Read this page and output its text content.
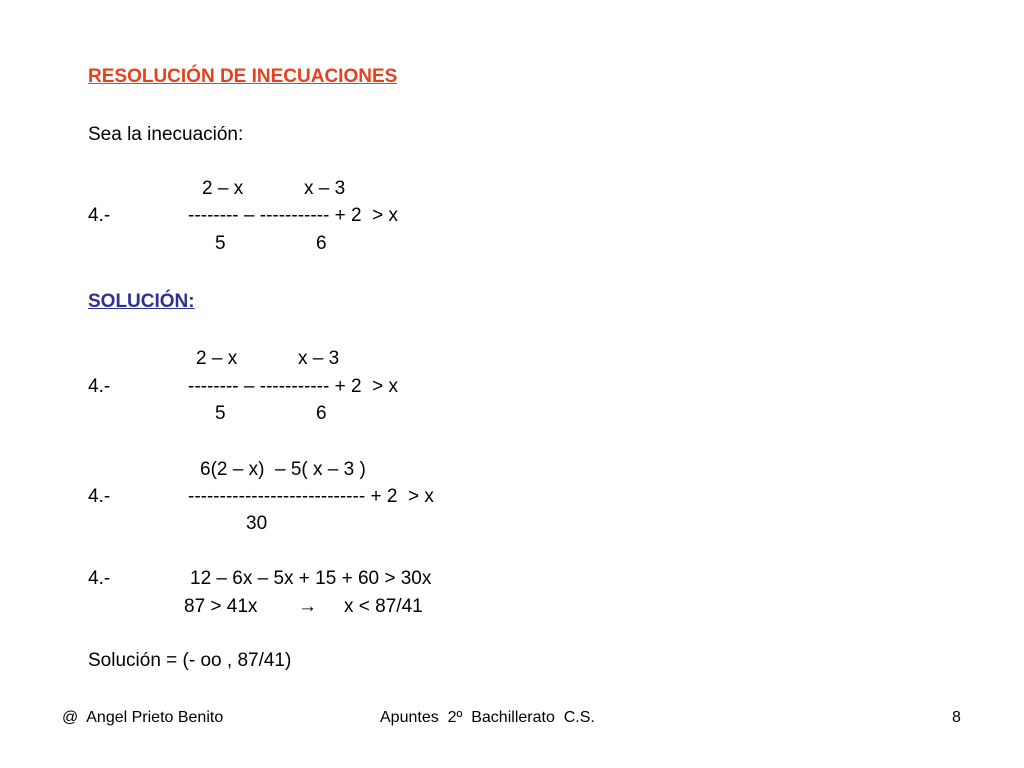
RESOLUCIÓN DE INECUACIONES
Sea la inecuación:
2 – x	x – 3
4.-	-------- – ----------- + 2  > x
5	6
SOLUCIÓN:
2 – x	x – 3
4.-	-------- – ----------- + 2  > x
5	6
6(2 – x)  – 5( x – 3 )
4.-	---------------------------- + 2  > x
30
4.-	12 – 6x – 5x + 15 + 60 > 30x
87 > 41x → x < 87/41
Solución = (- oo , 87/41)
@  Angel Prieto Benito	Apuntes  2º  Bachillerato  C.S.	8
